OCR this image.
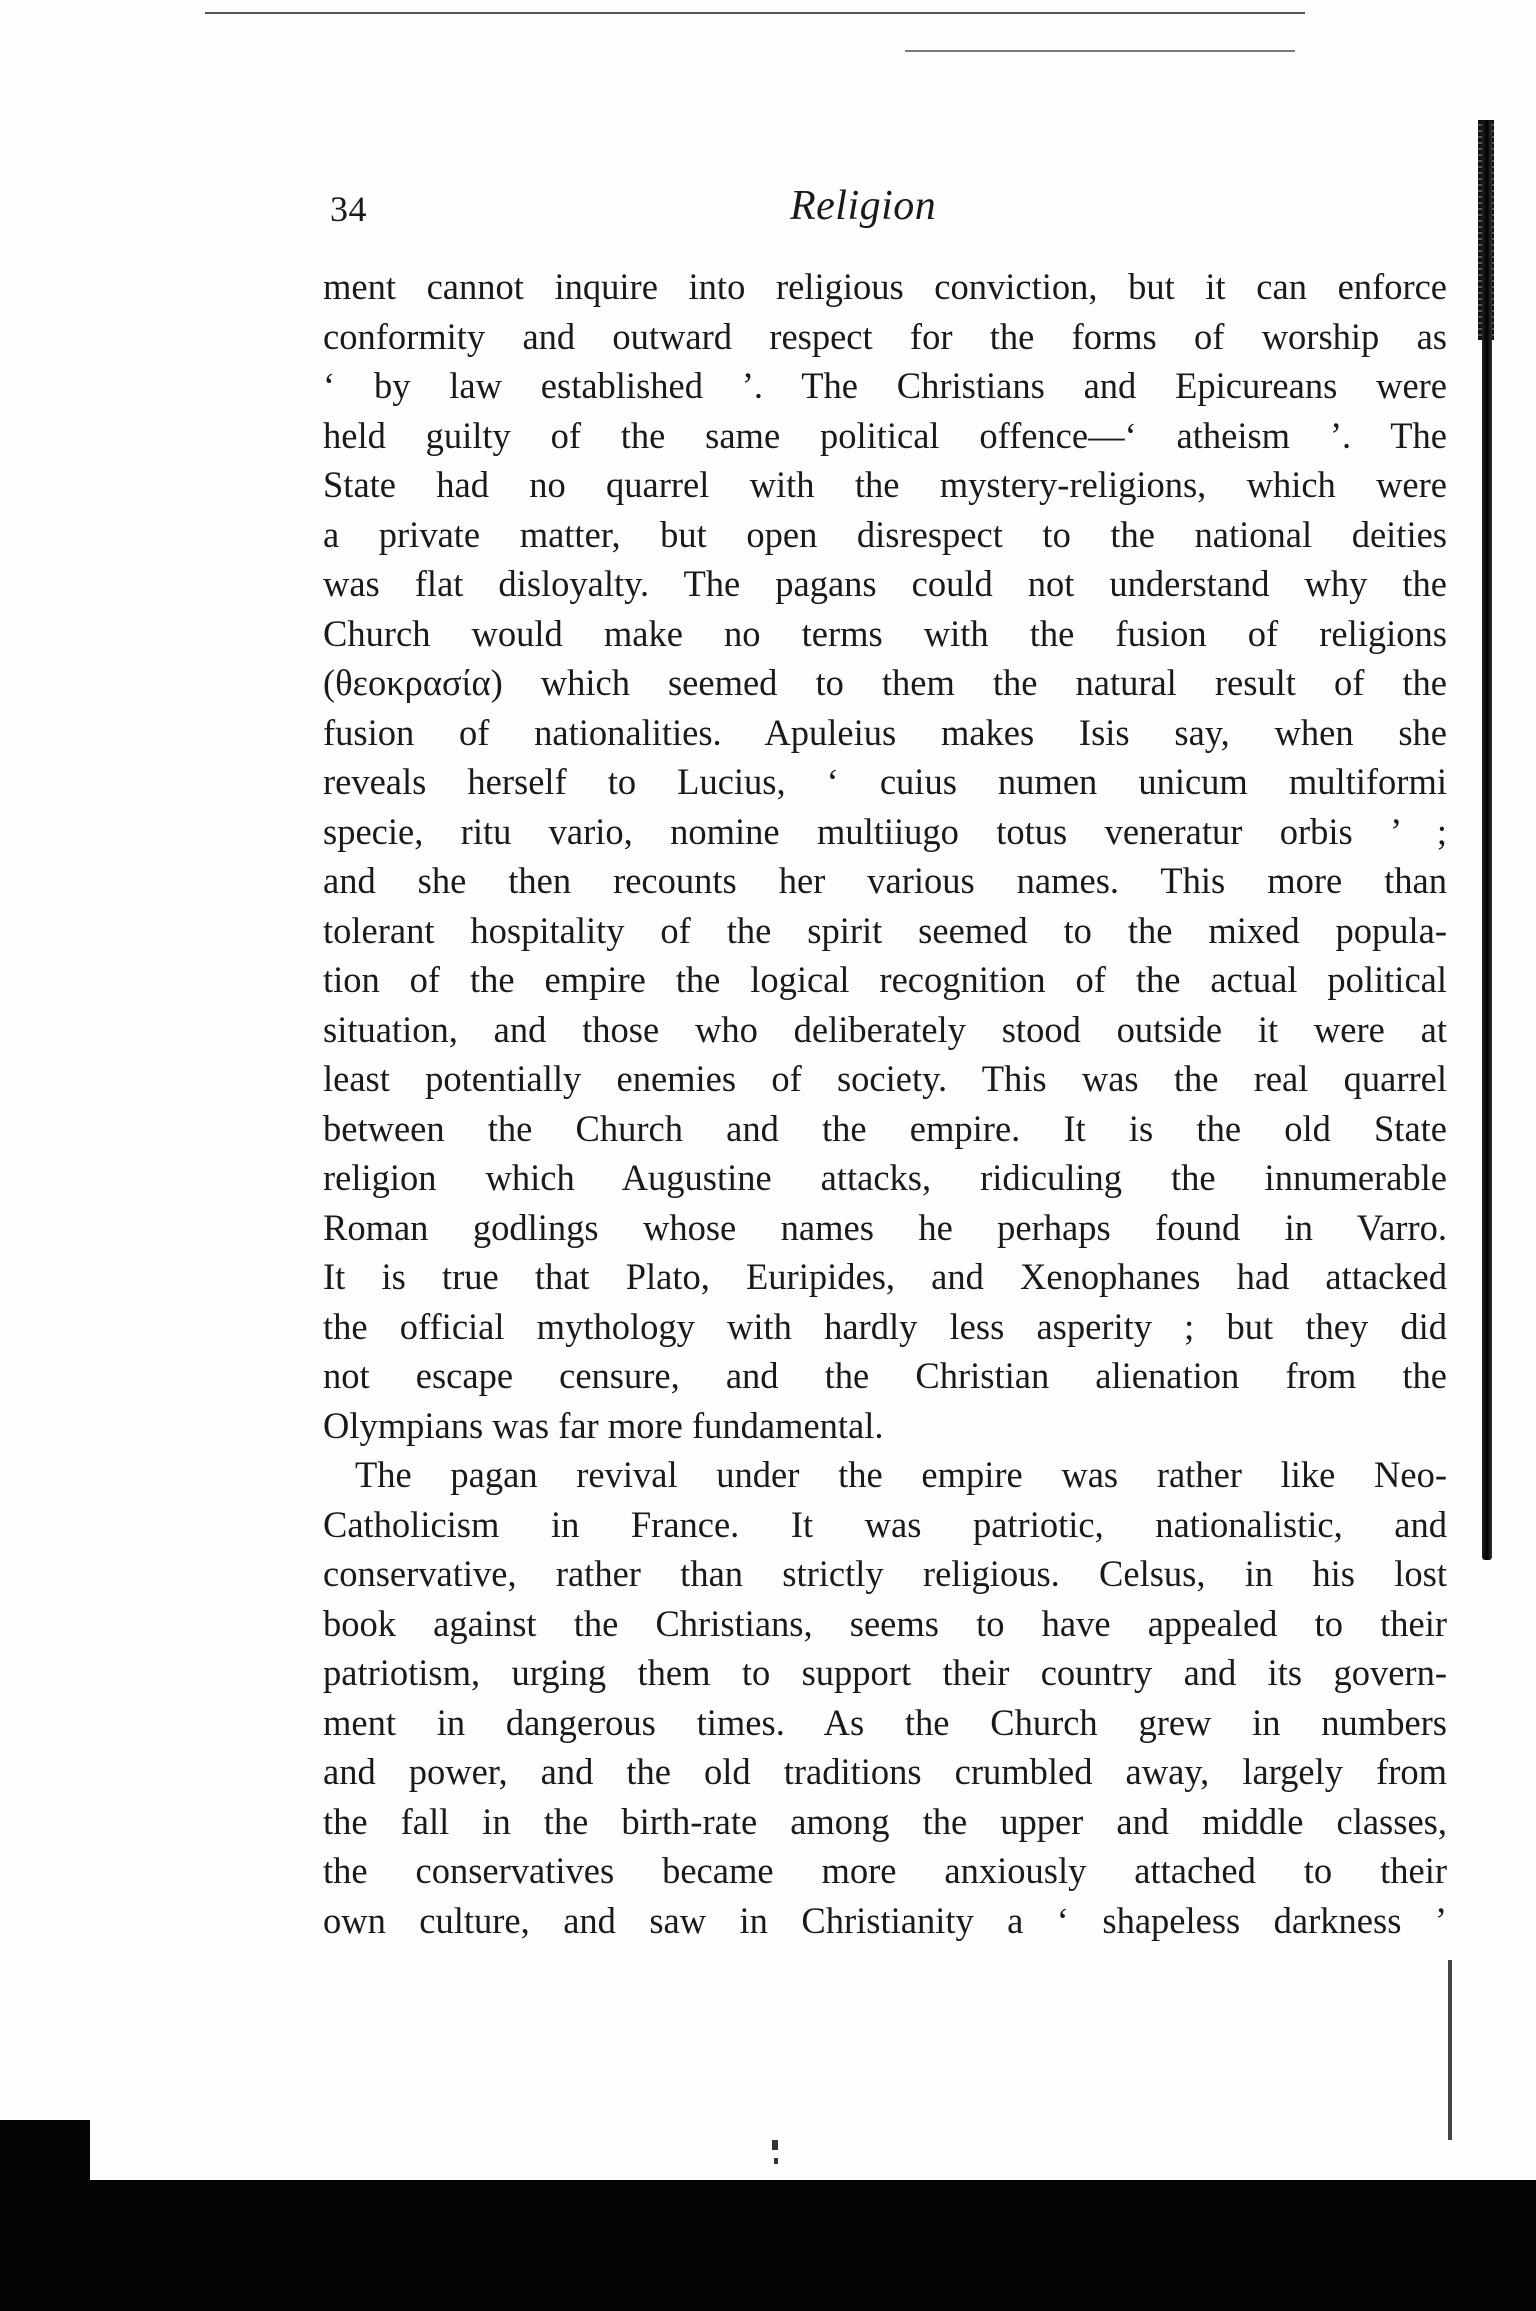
34	Religion
ment cannot inquire into religious conviction, but it can enforce
conformity and outward respect for the forms of worship as
‘ by law established ’. The Christians and Epicureans were
held guilty of the same political offence—‘ atheism ’. The
State had no quarrel with the mystery-religions, which were
a private matter, but open disrespect to the national deities
was flat disloyalty. The pagans could not understand why the
Church would make no terms with the fusion of religions
(θεοκρασία) which seemed to them the natural result of the
fusion of nationalities. Apuleius makes Isis say, when she
reveals herself to Lucius, ‘ cuius numen unicum multiformi
specie, ritu vario, nomine multiiugo totus veneratur orbis ’ ;
and she then recounts her various names. This more than
tolerant hospitality of the spirit seemed to the mixed popula-
tion of the empire the logical recognition of the actual political
situation, and those who deliberately stood outside it were at
least potentially enemies of society. This was the real quarrel
between the Church and the empire. It is the old State
religion which Augustine attacks, ridiculing the innumerable
Roman godlings whose names he perhaps found in Varro.
It is true that Plato, Euripides, and Xenophanes had attacked
the official mythology with hardly less asperity ; but they did
not escape censure, and the Christian alienation from the
Olympians was far more fundamental.
The pagan revival under the empire was rather like Neo-
Catholicism in France. It was patriotic, nationalistic, and
conservative, rather than strictly religious. Celsus, in his lost
book against the Christians, seems to have appealed to their
patriotism, urging them to support their country and its govern-
ment in dangerous times. As the Church grew in numbers
and power, and the old traditions crumbled away, largely from
the fall in the birth-rate among the upper and middle classes,
the conservatives became more anxiously attached to their
own culture, and saw in Christianity a ‘ shapeless darkness ’
